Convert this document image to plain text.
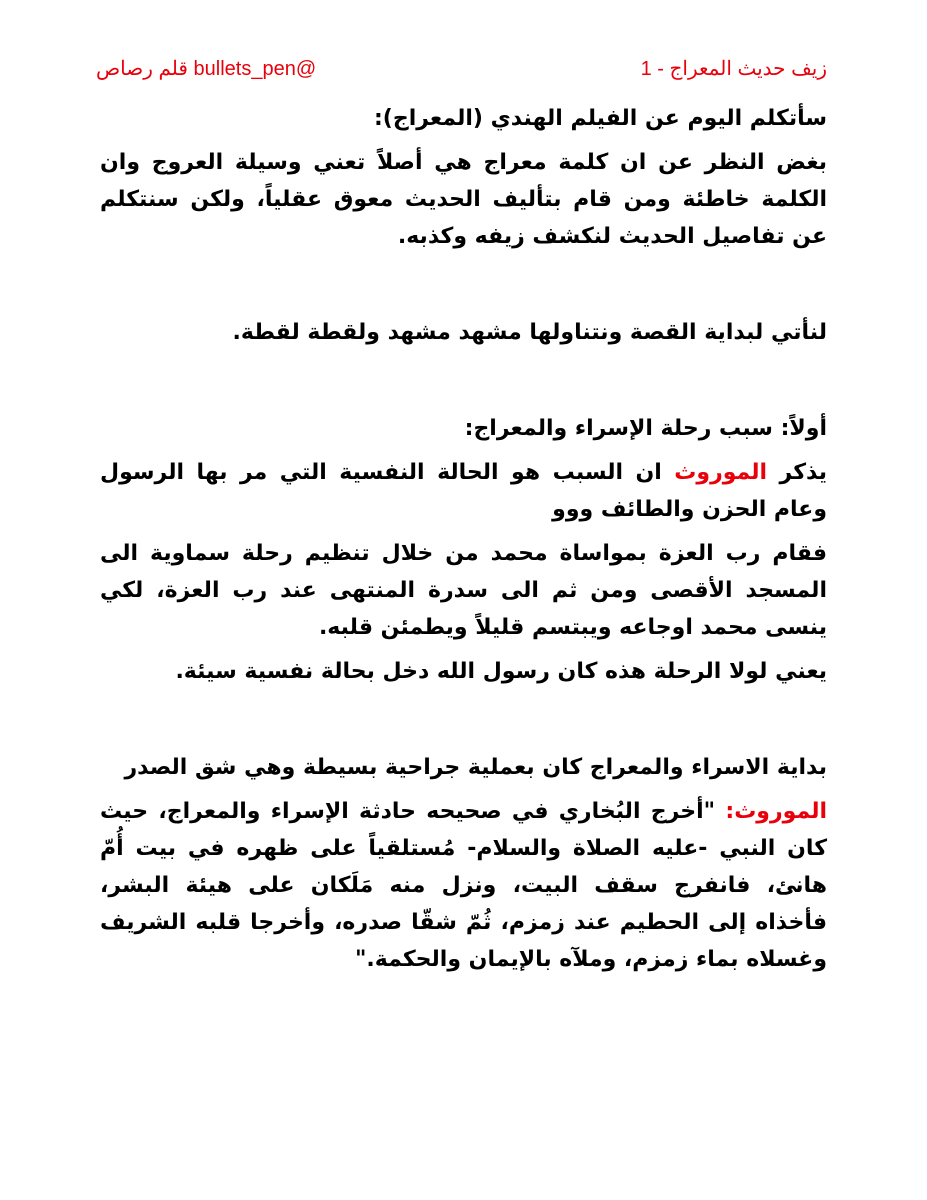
@bullets_pen قلم رصاص	زيف حديث المعراج - 1

سأتكلم اليوم عن الفيلم الهندي (المعراج):

بغض النظر عن ان كلمة معراج هي أصلاً تعني وسيلة العروج وان الكلمة خاطئة ومن قام بتأليف الحديث معوق عقلياً، ولكن سنتكلم عن تفاصيل الحديث لنكشف زيفه وكذبه.

لنأتي لبداية القصة ونتناولها مشهد مشهد ولقطة لقطة.

أولاً: سبب رحلة الإسراء والمعراج:

يذكر الموروث ان السبب هو الحالة النفسية التي مر بها الرسول وعام الحزن والطائف ووو

فقام رب العزة بمواساة محمد من خلال تنظيم رحلة سماوية الى المسجد الأقصى ومن ثم الى سدرة المنتهى عند رب العزة، لكي ينسى محمد اوجاعه ويبتسم قليلاً ويطمئن قلبه.

يعني لولا الرحلة هذه كان رسول الله دخل بحالة نفسية سيئة.

بداية الاسراء والمعراج كان بعملية جراحية بسيطة وهي شق الصدر

الموروث: "أخرج البُخاري في صحيحه حادثة الإسراء والمعراج، حيث كان النبي -عليه الصلاة والسلام- مُستلقياً على ظهره في بيت أُمّ هانئ، فانفرج سقف البيت، ونزل منه مَلَكان على هيئة البشر، فأخذاه إلى الحطيم عند زمزم، ثُمّ شقّا صدره، وأخرجا قلبه الشريف وغسلاه بماء زمزم، وملآه بالإيمان والحكمة."
